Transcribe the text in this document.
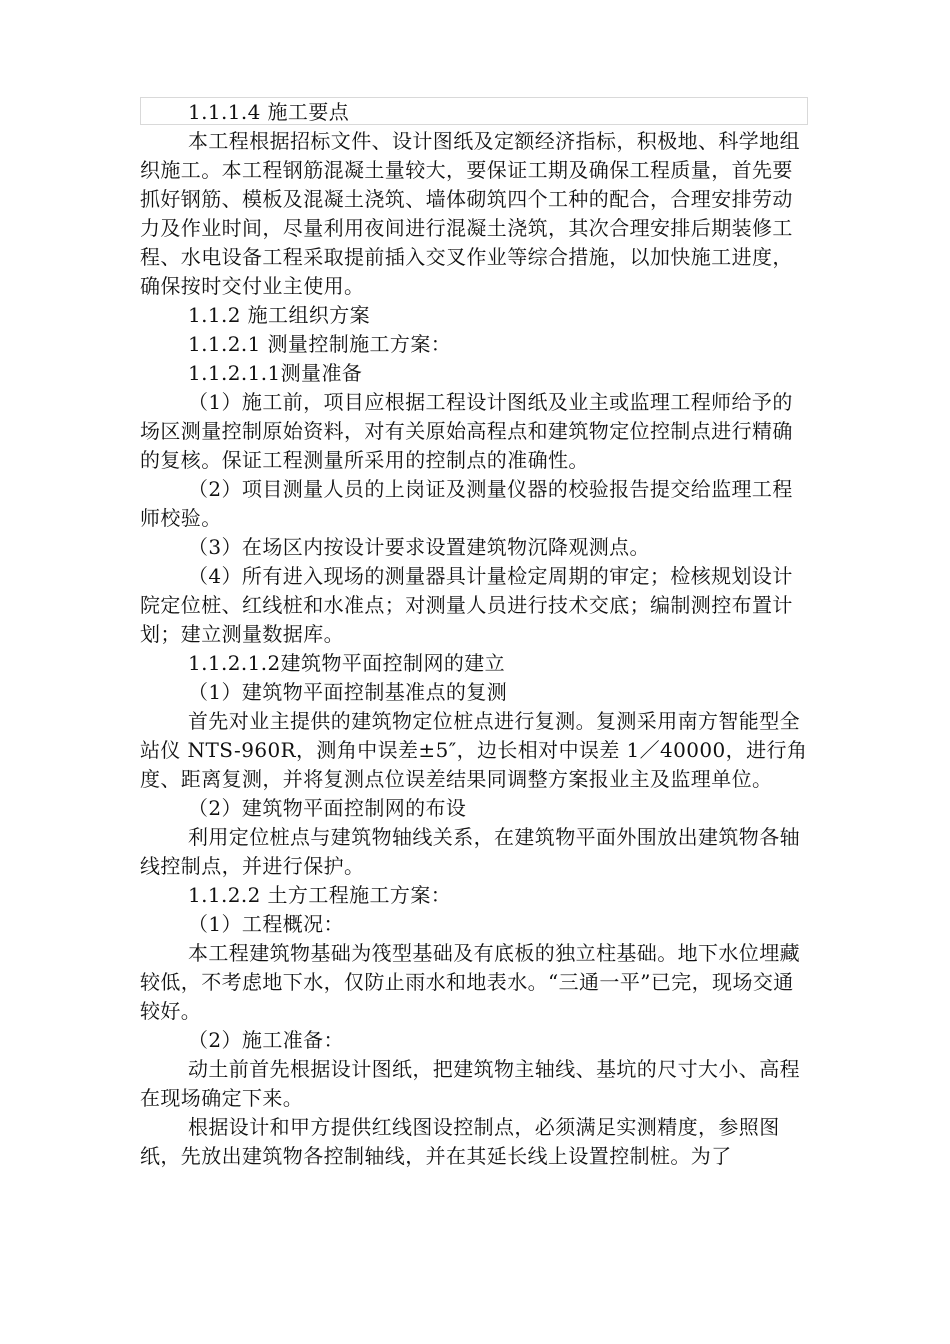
1.1.1.4 施工要点

本工程根据招标文件、设计图纸及定额经济指标，积极地、科学地组织施工。本工程钢筋混凝土量较大，要保证工期及确保工程质量，首先要抓好钢筋、模板及混凝土浇筑、墙体砌筑四个工种的配合，合理安排劳动力及作业时间，尽量利用夜间进行混凝土浇筑，其次合理安排后期装修工程、水电设备工程采取提前插入交叉作业等综合措施，以加快施工进度，确保按时交付业主使用。

1.1.2 施工组织方案

1.1.2.1 测量控制施工方案：

1.1.2.1.1测量准备

（1）施工前，项目应根据工程设计图纸及业主或监理工程师给予的场区测量控制原始资料，对有关原始高程点和建筑物定位控制点进行精确的复核。保证工程测量所采用的控制点的准确性。

（2）项目测量人员的上岗证及测量仪器的校验报告提交给监理工程师校验。

（3）在场区内按设计要求设置建筑物沉降观测点。

（4）所有进入现场的测量器具计量检定周期的审定；检核规划设计院定位桩、红线桩和水准点；对测量人员进行技术交底；编制测控布置计划；建立测量数据库。

1.1.2.1.2建筑物平面控制网的建立

（1）建筑物平面控制基准点的复测

首先对业主提供的建筑物定位桩点进行复测。复测采用南方智能型全站仪 NTS-960R，测角中误差±5″，边长相对中误差 1／40000，进行角度、距离复测，并将复测点位误差结果同调整方案报业主及监理单位。

（2）建筑物平面控制网的布设

利用定位桩点与建筑物轴线关系，在建筑物平面外围放出建筑物各轴线控制点，并进行保护。

1.1.2.2 土方工程施工方案：

（1）工程概况：

本工程建筑物基础为筏型基础及有底板的独立柱基础。地下水位埋藏较低，不考虑地下水，仅防止雨水和地表水。“三通一平”已完，现场交通较好。

（2）施工准备：

动土前首先根据设计图纸，把建筑物主轴线、基坑的尺寸大小、高程在现场确定下来。

根据设计和甲方提供红线图设控制点，必须满足实测精度，参照图纸，先放出建筑物各控制轴线，并在其延长线上设置控制桩。为了
